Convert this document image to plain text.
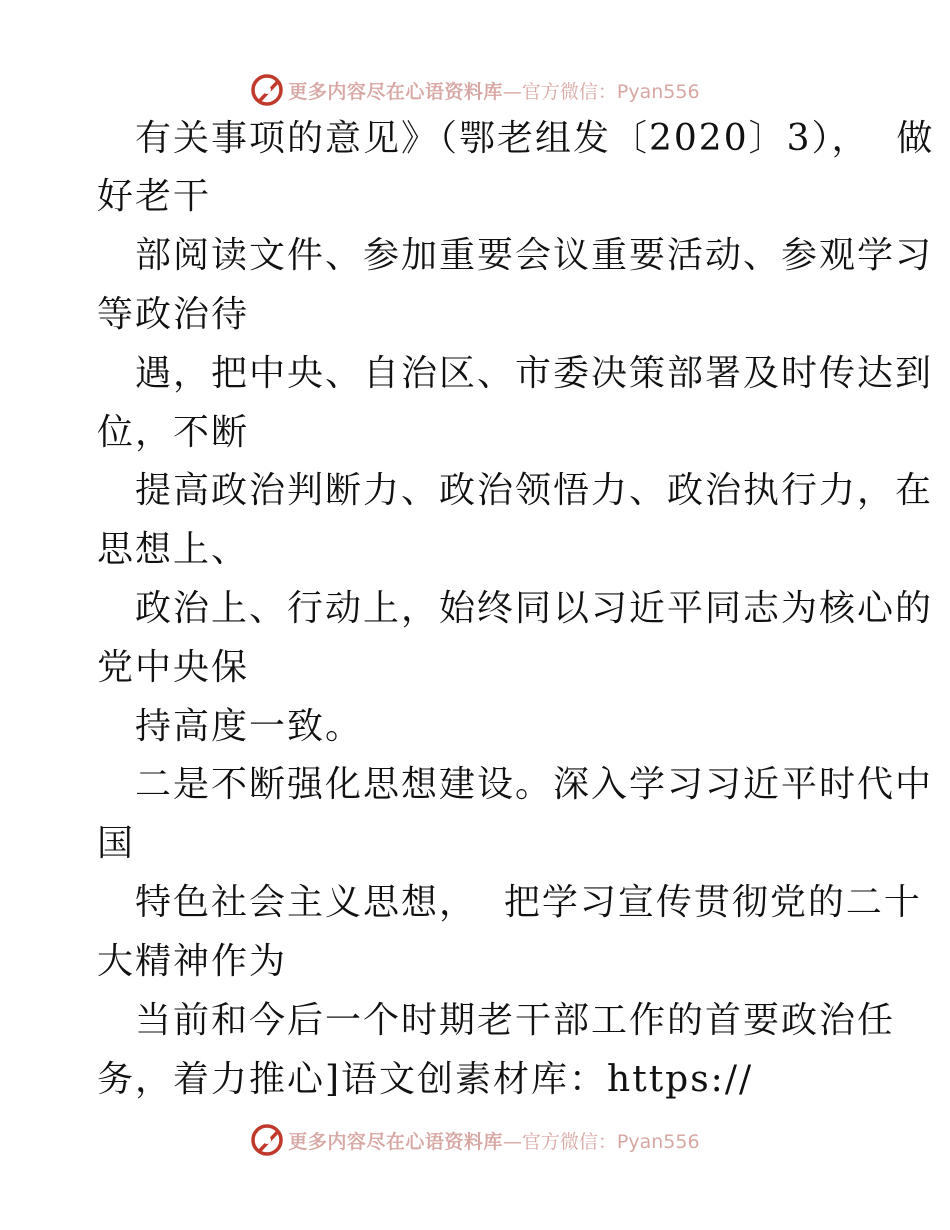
更多内容尽在心语资料库 —官方微信：Pyan556
有关事项的意见》（鄂老组发〔2020〕3），  做
好老干
部阅读文件、参加重要会议重要活动、参观学习
等政治待
遇，把中央、自治区、市委决策部署及时传达到
位，不断
提高政治判断力、政治领悟力、政治执行力，在
思想上、
政治上、行动上，始终同以习近平同志为核心的
党中央保
持高度一致。
二是不断强化思想建设。深入学习习近平时代中
国
特色社会主义思想，  把学习宣传贯彻党的二十
大精神作为
当前和今后一个时期老干部工作的首要政治任
务，着力推心]语文创素材库：https://
更多内容尽在心语资料库 —官方微信：Pyan556
